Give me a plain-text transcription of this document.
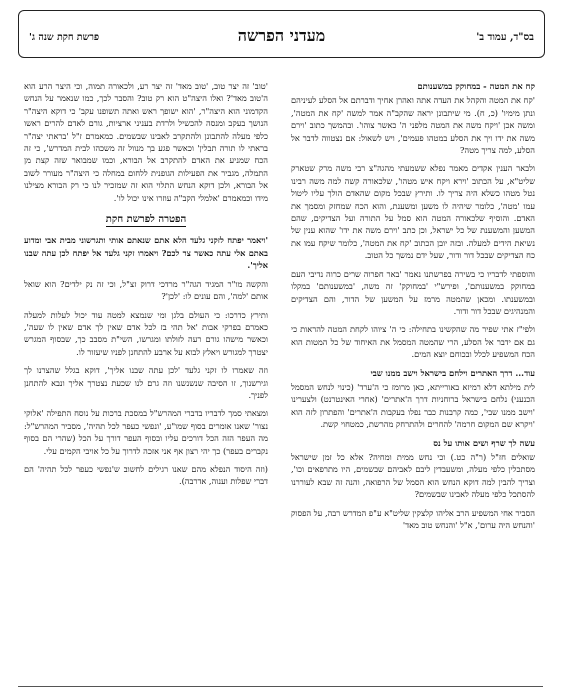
בס"ד, עמוד ב'
מעדני הפרשה
פרשת חקת שנה ג'

קח את המטה - במחוקק במשענותם

'קח את המטה והקהל את העדה אתה ואהרן אחיך ודברתם אל הסלע לעיניהם ונתן מימיו' (כ, ח). מי שיתבונן יראה שהקב"ה אמר למשה 'קח את המטה', ומשה אכן 'ויקח משה את המטה מלפני ה' כאשר צוהו'. ובהמשך כתוב 'וירם משה את ידו ויך את הסלע במטהו פעמים', ויש לשאול: אם נצטווה לדבר אל הסלע, למה צריך מטה?

ולבאר הענין אקדים מאמר נפלא ששמעתי מהגה"צ רבי משה מרק שטארק שליט"א, על הכתוב 'וירא ויקח איש מטהו', שלכאורה קשה למה משה רבינו נטל מטהו כשלא היה צריך לו. ותירץ שבכל מקום שהאדם הולך עליו ליטול עמו 'מטה', כלומר שיהיה לו משען ומשענת, והוא הכח שמחזק ומסמך את האדם. והוסיף שלכאורה המטה הוא סמל על התורה ועל הצדיקים, שהם המשען והמשענת של כל ישראל, וכן כתב 'וירם משה את ידו' שהוא ענין של נשיאת הידים למעלה. ובזה יובן הכתוב 'קח את המטה', כלומר שיקח עמו את כח הצדיקים שבכל דור ודור, שעל ידם נמשך כל הטוב.

והוספתי לדבריו כי בשירה בפרשתנו נאמר 'באר חפרוה שרים כרוה נדיבי העם במחוקק במשענותם', ופירש"י 'במחוקק' זה משה, 'במשענותם' במקלו ובמשענתו. ומכאן שהמטה מרמז על המשען של הדור, והם הצדיקים והמנהיגים שבכל דור ודור.

ולפי"ז אתי שפיר מה שהקשינו בתחילה: כי ה' ציוהו לקחת המטה להראות כי גם אם ידבר אל הסלע, הרי שהמטה המסמל את האיחוד של כל המטות הוא הכח המשפיע לכלל ובכוחם יוצא המים.

עוד... דרך האתרים וילחם בישראל וישב ממנו שבי

לית מילתא דלא רמיזא באורייתא, כאן מרומז כי ה'ערד' (כינוי לנחש המסמל הכנעני) נלחם בישראל ברוחניות דרך ה'אתרים' (אחרי האינטרנט) ולצערינו 'וישב ממנו שבי', כמה קרבנות כבר נפלו בעקבות ה'אתרים' והפתרון לזה הוא 'ויקרא שם המקום חרמה' להחרים ולהתרחק מהרשת, כמטחוי קשת.

עשה לך שרף ושים אותו על נס

שואלים חז"ל (ר"ה כט.) וכי נחש ממית ומחיה? אלא כל זמן שישראל מסתכלין כלפי מעלה, ומשעבדין ליבם לאביהם שבשמים, היו מתרפאים וכו', וצריך להבין למה דוקא הנחש הוא הסמל של הרפואה, והנה זה שבא לעוררנו להסתכל כלפי מעלה לאבינו שבשמים?

הסביר אחי המשפיע הרב אליהו קלצקין שליט"א ע"פ המדרש רבה, על הפסוק 'והנחש היה ערום', א"ל 'והנחש טוב מאד'

'טוב' זה יצר טוב, 'טוב מאד' זה יצר רע, ולכאורה תמוה, וכי היצר הרע הוא ה'טוב מאד'? ואלו היצה"ט הוא רק טוב? והסבר לכך, כמו שנאמר על הנחש הקדמוני הוא היצה"ר, 'הוא ישופך ראש ואתה תשופנו עקב' כי דוקא היצה"ר הנושך בעקב ומנסה להכשיל ולרדת בעניני ארציות, גורם לאדם להרים ראשו כלפי מעלה להתבונן ולהתקרב לאבינו שבשמים. כמאמרם ז"ל 'בראתי יצה"ר בראתי לו תורה תבלין' וכאשר פגע בך מנוול זה משכהו לבית המדרש', כי זה הכח שמניע את האדם להתקרב אל הבורא, וכמו שמבואר שזה קצת מן התמלה, מגביר את הפעילות הגופנית ללחום במחלה כי היצה"ר מעורר לשוב אל הבורא, ולכן דוקא הנחש התלוי הוא זה שמזכיר לנו כי רק הבורא מצילנו מידו וכמאמרם 'אלמלי הקב"ה עוזרו אינו יכול לו'.

הפטרה לפרשת חקת

'ויאמר יפתח לזקני גלעד הלא אתם שנאתם אותי ותגרשוני מבית אבי ומדוע באתם אלי עתה כאשר צר לכם? ויאמרו זקני גלעד אל יפתח לכן עתה שבנו אליך'.

והקשה מו"ר המגיד הגה"ר מרדכי דרוק זצ"ל, וכי זה נק ילדים? הוא שואל אותם 'למה', והם עונים לו: 'לכן'?

ותירץ כדרכו: כי העולם בלגן ומי שנמצא למטה עוד יכול לעלות למעלה כאמרם בפרקי אבות 'אל תהי בז לכל אדם שאין לך אדם שאין לו שעה', וכאשר מישהו גורם רעה לזולתו ומגרשו, השי"ת מסבב כך, שבסוף המגרש יצטרך למגורש ויאלץ לבוא על ארבע להתחנן לפניו שיעזור לו.

וזה שאמרו לו זקני גלעד 'לכן עתה שבנו אליך', דוקא בגלל שהצרנו לך וגירשנוך, זו הסיבה שנשנשנו וזה גרם לנו שכעת נצטרך אליך ונבא להתחנן לפניך.

ומצאתי סמך לדבריו בדברי המהרש"ל במסכת ברכות על נוסח התפילה 'אלוקי נצור' שאנו אומרים בסוף שמו"ע, 'ונפשי כעפר לכל תהיה', מסביר המהרש"ל: מה העפר הזה הכל דורכים עליו ובסוף העפר דורך על הכל (שהרי הם בסוף נקברים בעפר) כך יהי רצון אף אני אזכה לדרוך על כל אויבי הקמים עלי.

(וזה היסוד הנפלא מהם שאנו רגילים לחשוב ש'נפשי כעפר לכל תהיה' הם דברי שפלות וענוה, אדרבה).
